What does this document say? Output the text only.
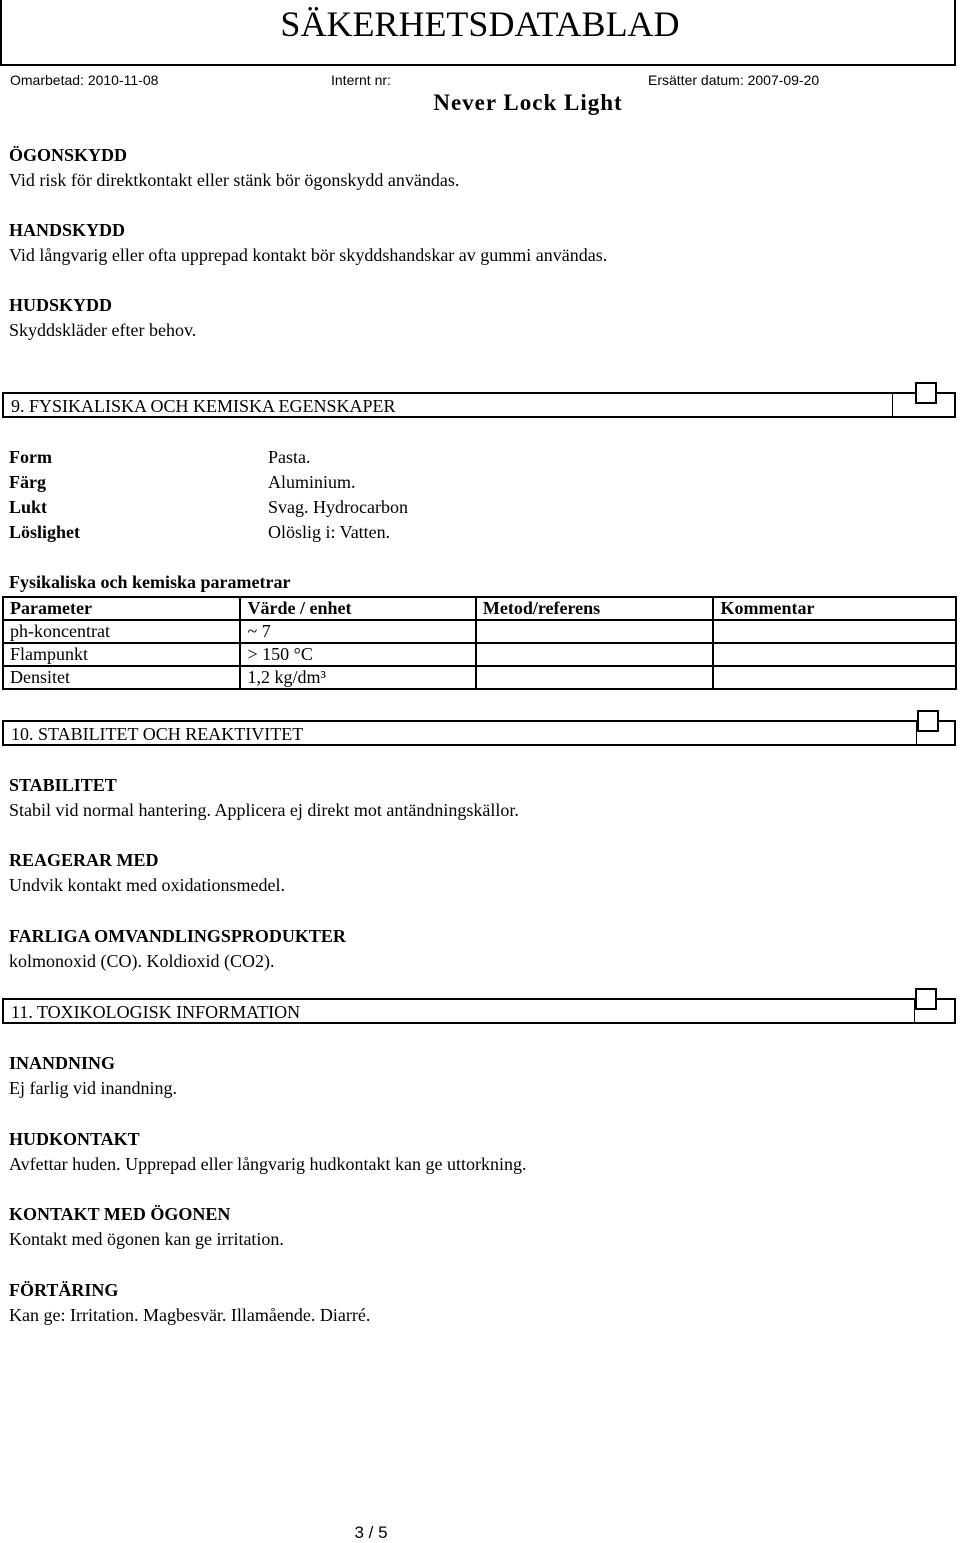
SÄKERHETSDATABLAD
Omarbetad: 2010-11-08	Internt nr:	Ersätter datum: 2007-09-20
Never Lock Light
ÖGONSKYDD
Vid risk för direktkontakt eller stänk bör ögonskydd användas.
HANDSKYDD
Vid långvarig eller ofta upprepad kontakt bör skyddshandskar av gummi användas.
HUDSKYDD
Skyddskläder efter behov.
9. FYSIKALISKA OCH KEMISKA EGENSKAPER
Form	Pasta.
Färg	Aluminium.
Lukt	Svag. Hydrocarbon
Löslighet	Olöslig i: Vatten.
Fysikaliska och kemiska parametrar
Parameter	Värde / enhet	Metod/referens	Kommentar
ph-koncentrat	~ 7		
Flampunkt	> 150 °C		
Densitet	1,2 kg/dm³		
10. STABILITET OCH REAKTIVITET
STABILITET
Stabil vid normal hantering. Applicera ej direkt mot antändningskällor.
REAGERAR MED
Undvik kontakt med oxidationsmedel.
FARLIGA OMVANDLINGSPRODUKTER
kolmonoxid (CO). Koldioxid (CO2).
11. TOXIKOLOGISK INFORMATION
INANDNING
Ej farlig vid inandning.
HUDKONTAKT
Avfettar huden. Upprepad eller långvarig hudkontakt kan ge uttorkning.
KONTAKT MED ÖGONEN
Kontakt med ögonen kan ge irritation.
FÖRTÄRING
Kan ge: Irritation. Magbesvär. Illamående. Diarré.
3 / 5
